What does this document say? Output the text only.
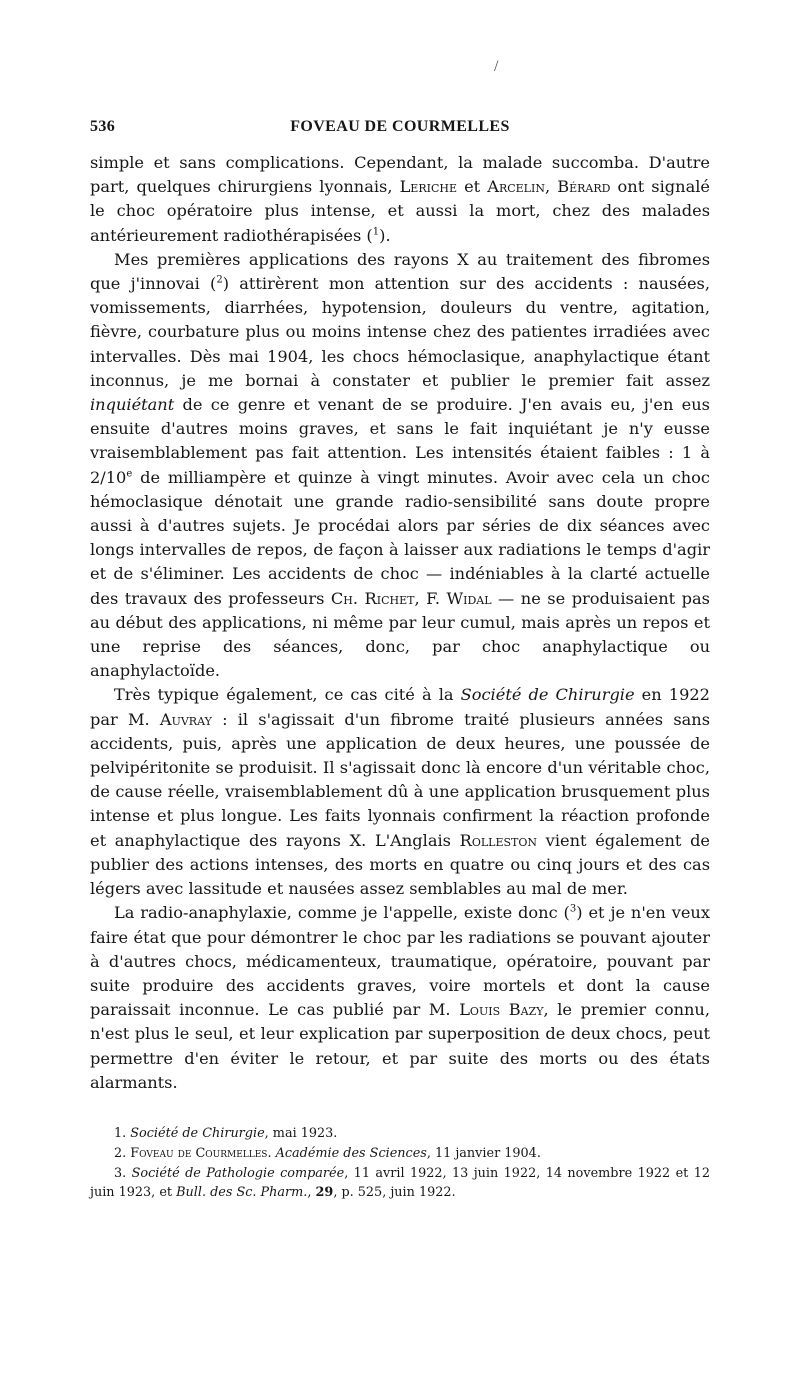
/
536	FOVEAU DE COURMELLES

simple et sans complications. Cependant, la malade succomba. D'autre part, quelques chirurgiens lyonnais, Leriche et Arcelin, Bérard ont signalé le choc opératoire plus intense, et aussi la mort, chez des malades antérieurement radiothérapisées ($^1$).

Mes premières applications des rayons X au traitement des fibromes que j'innovai ($^2$) attirèrent mon attention sur des accidents : nausées, vomissements, diarrhées, hypotension, douleurs du ventre, agitation, fièvre, courbature plus ou moins intense chez des patientes irradiées avec intervalles. Dès mai 1904, les chocs hémoclasique, anaphylactique étant inconnus, je me bornai à constater et publier le premier fait assez inquiétant de ce genre et venant de se produire. J'en avais eu, j'en eus ensuite d'autres moins graves, et sans le fait inquiétant je n'y eusse vraisemblablement pas fait attention. Les intensités étaient faibles : 1 à 2/10e de milliampère et quinze à vingt minutes. Avoir avec cela un choc hémoclasique dénotait une grande radio-sensibilité sans doute propre aussi à d'autres sujets. Je procédai alors par séries de dix séances avec longs intervalles de repos, de façon à laisser aux radiations le temps d'agir et de s'éliminer. Les accidents de choc — indéniables à la clarté actuelle des travaux des professeurs Ch. Richet, F. Widal — ne se produisaient pas au début des applications, ni même par leur cumul, mais après un repos et une reprise des séances, donc, par choc anaphylactique ou anaphylactoïde.

Très typique également, ce cas cité à la Société de Chirurgie en 1922 par M. Auvray : il s'agissait d'un fibrome traité plusieurs années sans accidents, puis, après une application de deux heures, une poussée de pelvipéritonite se produisit. Il s'agissait donc là encore d'un véritable choc, de cause réelle, vraisemblablement dû à une application brusquement plus intense et plus longue. Les faits lyonnais confirment la réaction profonde et anaphylactique des rayons X. L'Anglais Rolleston vient également de publier des actions intenses, des morts en quatre ou cinq jours et des cas légers avec lassitude et nausées assez semblables au mal de mer.

La radio-anaphylaxie, comme je l'appelle, existe donc ($^3$) et je n'en veux faire état que pour démontrer le choc par les radiations se pouvant ajouter à d'autres chocs, médicamenteux, traumatique, opératoire, pouvant par suite produire des accidents graves, voire mortels et dont la cause paraissait inconnue. Le cas publié par M. Louis Bazy, le premier connu, n'est plus le seul, et leur explication par superposition de deux chocs, peut permettre d'en éviter le retour, et par suite des morts ou des états alarmants.

1. Société de Chirurgie, mai 1923.

2. Foveau de Courmelles. Académie des Sciences, 11 janvier 1904.

3. Société de Pathologie comparée, 11 avril 1922, 13 juin 1922, 14 novembre 1922 et 12 juin 1923, et Bull. des Sc. Pharm., 29, p. 525, juin 1922.
